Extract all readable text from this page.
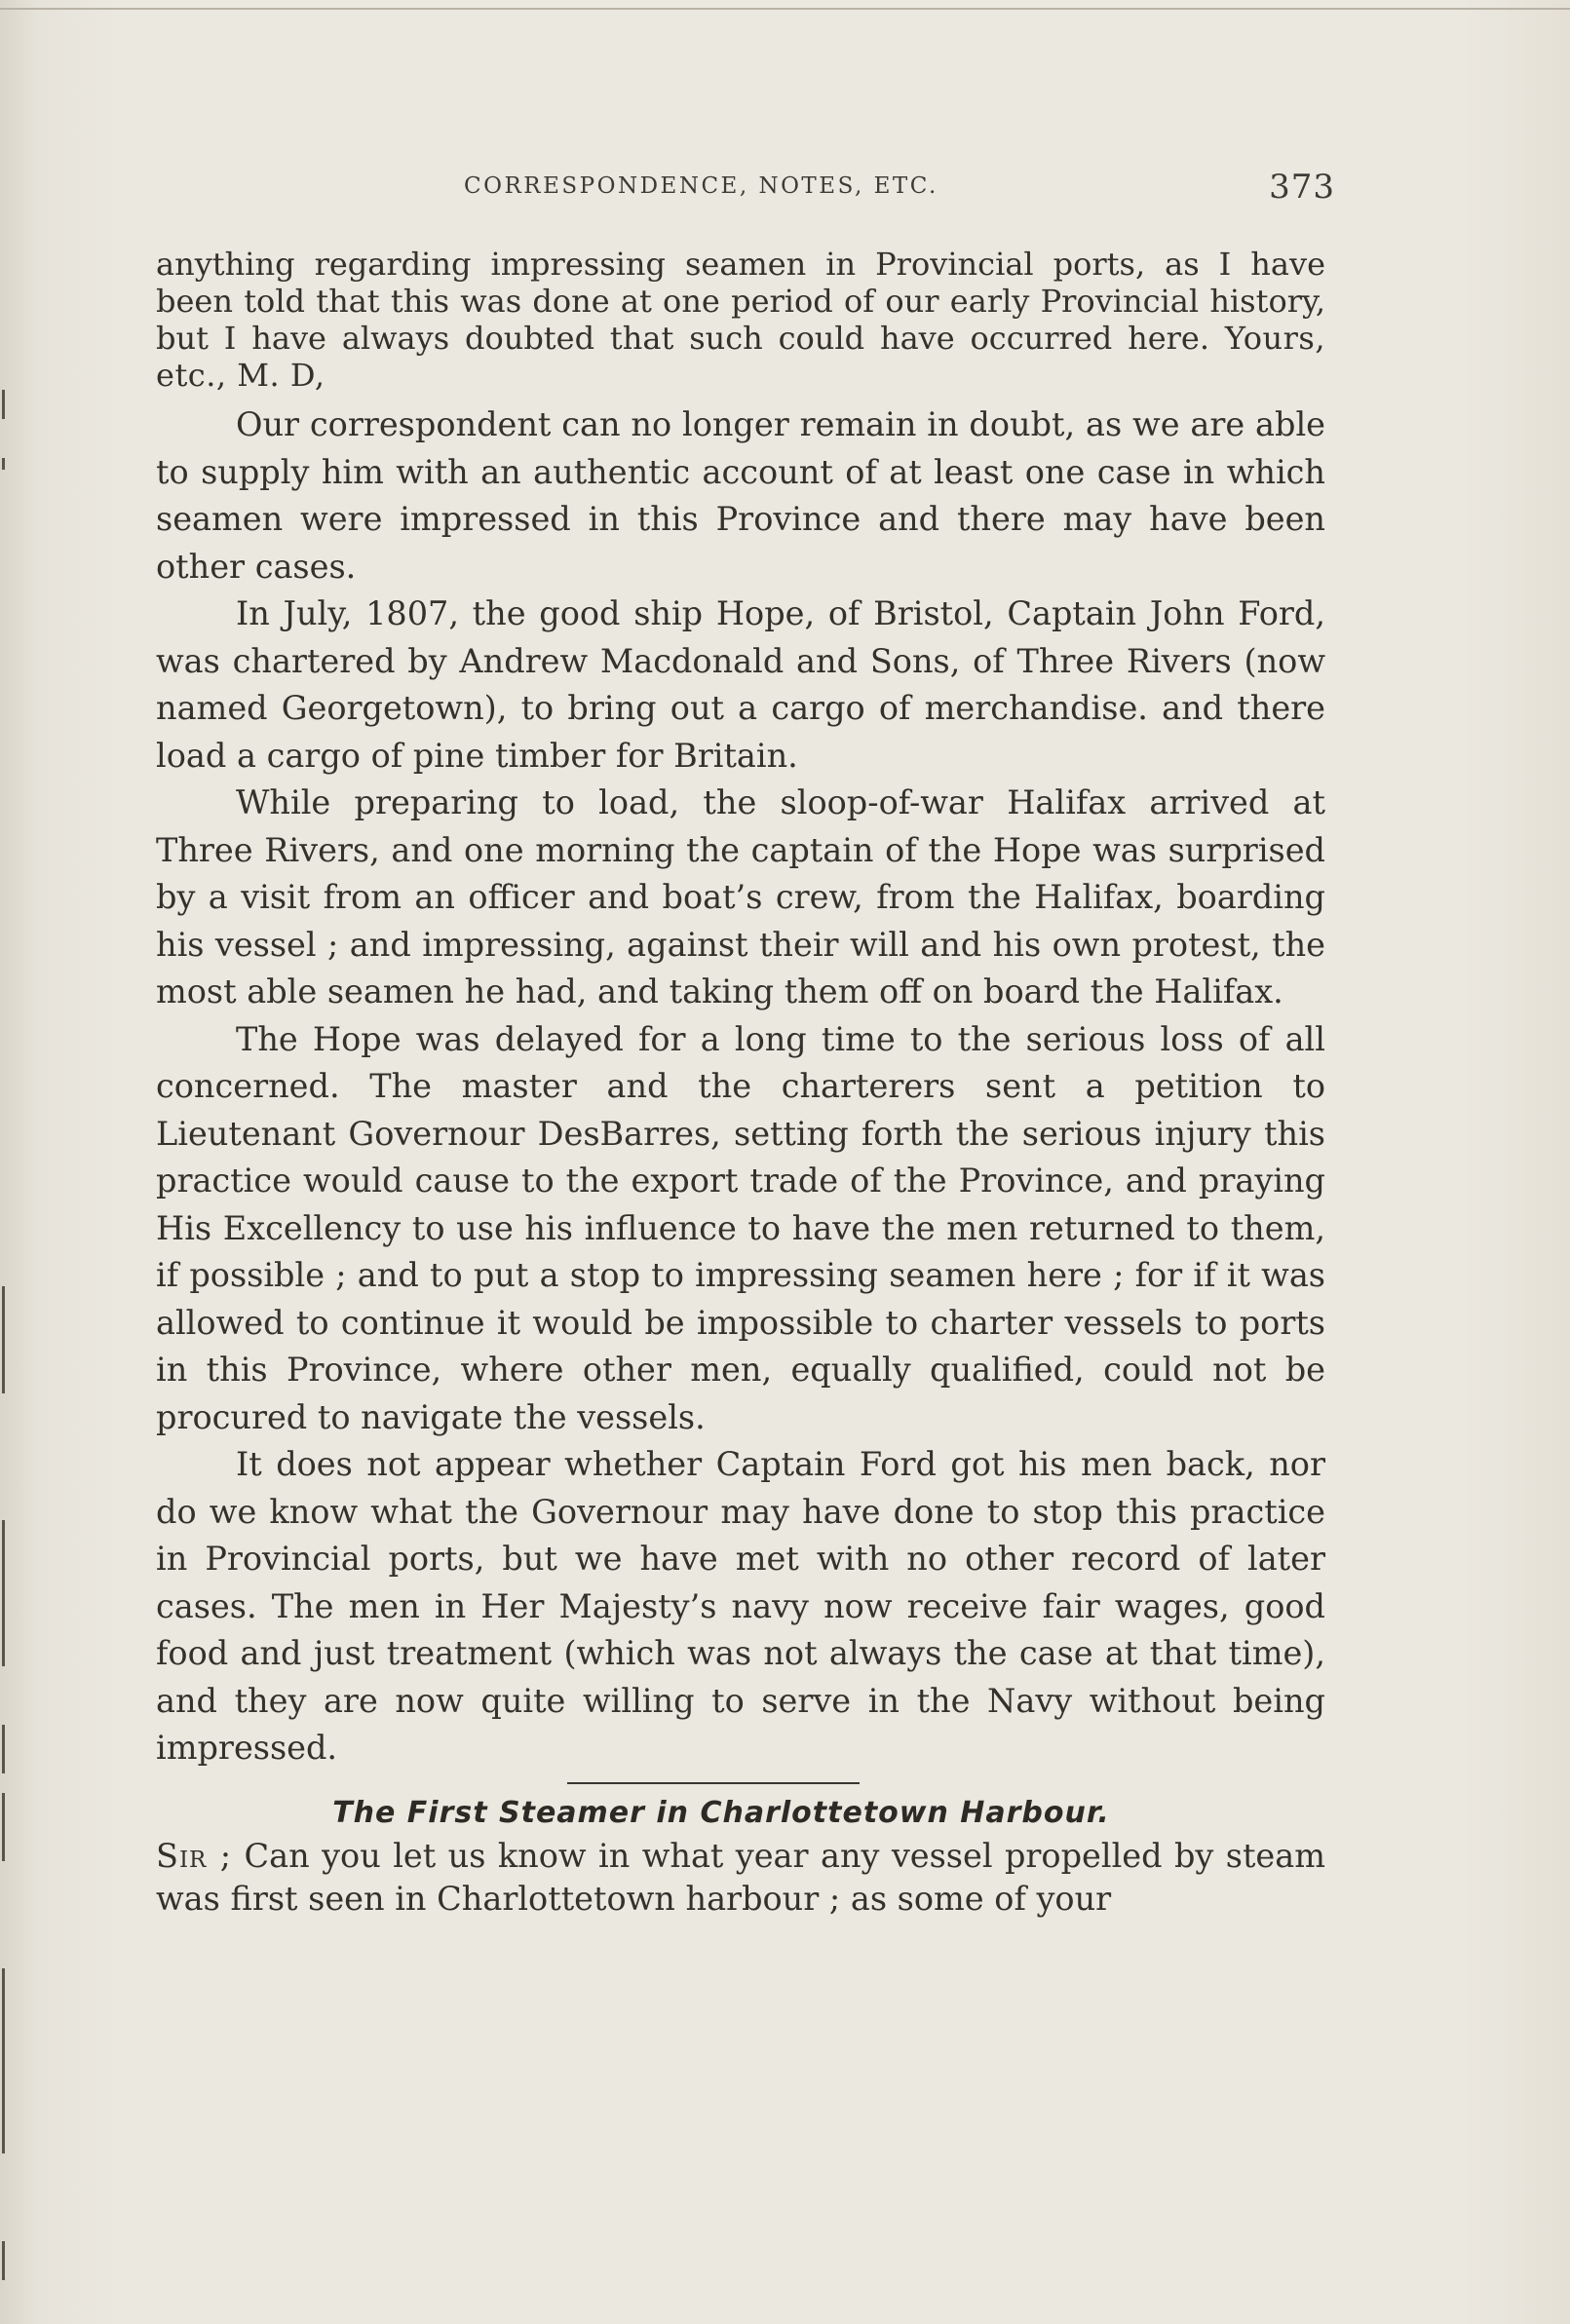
CORRESPONDENCE, NOTES, ETC.	373

anything regarding impressing seamen in Provincial ports, as I have been told that this was done at one period of our early Provincial history, but I have always doubted that such could have occurred here. Yours, etc., M. D,

Our correspondent can no longer remain in doubt, as we are able to supply him with an authentic account of at least one case in which seamen were impressed in this Province and there may have been other cases.

In July, 1807, the good ship Hope, of Bristol, Captain John Ford, was chartered by Andrew Macdonald and Sons, of Three Rivers (now named Georgetown), to bring out a cargo of merchandise. and there load a cargo of pine timber for Britain.

While preparing to load, the sloop-of-war Halifax arrived at Three Rivers, and one morning the captain of the Hope was surprised by a visit from an officer and boat’s crew, from the Halifax, boarding his vessel ; and impressing, against their will and his own protest, the most able seamen he had, and taking them off on board the Halifax.

The Hope was delayed for a long time to the serious loss of all concerned. The master and the charterers sent a petition to Lieutenant Governour DesBarres, setting forth the serious injury this practice would cause to the export trade of the Province, and praying His Excellency to use his influence to have the men returned to them, if possible ; and to put a stop to impressing seamen here ; for if it was allowed to continue it would be impossible to charter vessels to ports in this Province, where other men, equally qualified, could not be procured to navigate the vessels.

It does not appear whether Captain Ford got his men back, nor do we know what the Governour may have done to stop this practice in Provincial ports, but we have met with no other record of later cases. The men in Her Majesty’s navy now receive fair wages, good food and just treatment (which was not always the case at that time), and they are now quite willing to serve in the Navy without being impressed.

The First Steamer in Charlottetown Harbour.

Sir ; Can you let us know in what year any vessel propelled by steam was first seen in Charlottetown harbour ; as some of your
